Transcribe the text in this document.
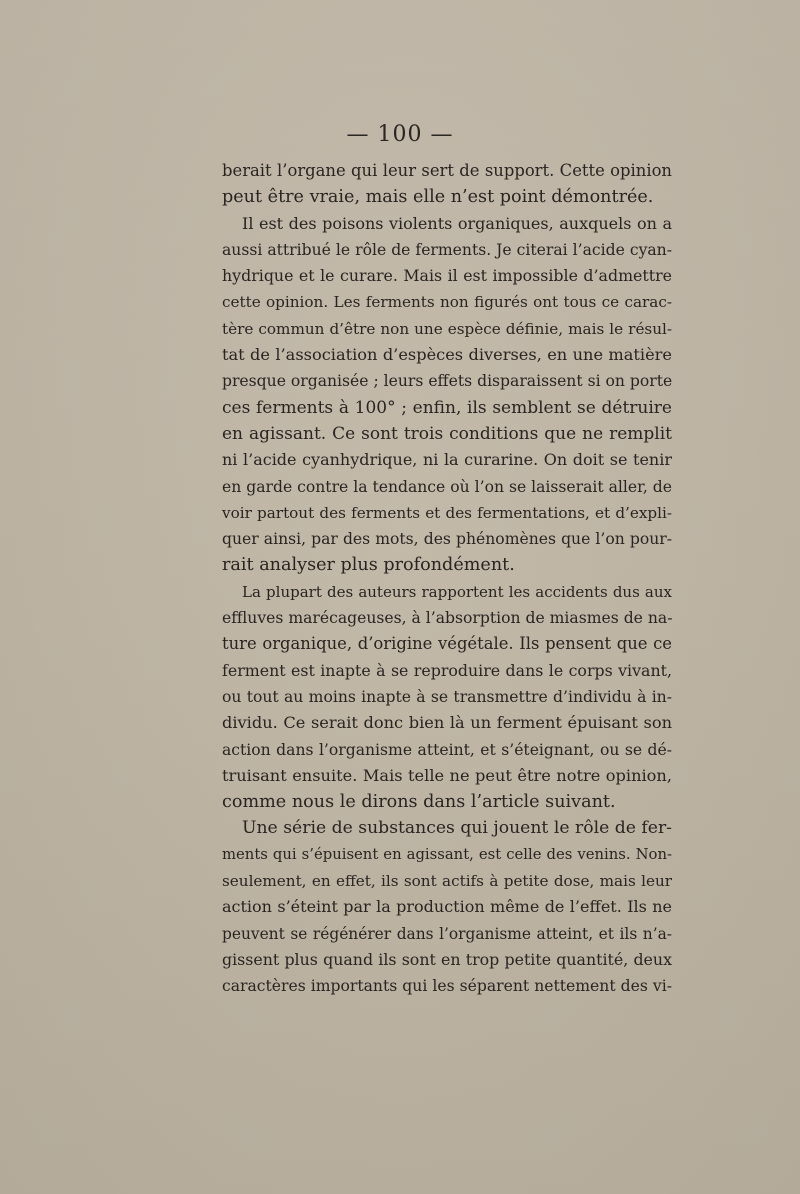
— 100 —
berait l’organe qui leur sert de support. Cette opinion
peut être vraie, mais elle n’est point démontrée.
Il est des poisons violents organiques, auxquels on a
aussi attribué le rôle de ferments. Je citerai l’acide cyan-
hydrique et le curare. Mais il est impossible d’admettre
cette opinion. Les ferments non figurés ont tous ce carac-
tère commun d’être non une espèce définie, mais le résul-
tat de l’association d’espèces diverses, en une matière
presque organisée ; leurs effets disparaissent si on porte
ces ferments à 100° ; enfin, ils semblent se détruire
en agissant. Ce sont trois conditions que ne remplit
ni l’acide cyanhydrique, ni la curarine. On doit se tenir
en garde contre la tendance où l’on se laisserait aller, de
voir partout des ferments et des fermentations, et d’expli-
quer ainsi, par des mots, des phénomènes que l’on pour-
rait analyser plus profondément.
La plupart des auteurs rapportent les accidents dus aux
effluves marécageuses, à l’absorption de miasmes de na-
ture organique, d’origine végétale. Ils pensent que ce
ferment est inapte à se reproduire dans le corps vivant,
ou tout au moins inapte à se transmettre d’individu à in-
dividu. Ce serait donc bien là un ferment épuisant son
action dans l’organisme atteint, et s’éteignant, ou se dé-
truisant ensuite. Mais telle ne peut être notre opinion,
comme nous le dirons dans l’article suivant.
Une série de substances qui jouent le rôle de fer-
ments qui s’épuisent en agissant, est celle des venins. Non-
seulement, en effet, ils sont actifs à petite dose, mais leur
action s’éteint par la production même de l’effet. Ils ne
peuvent se régénérer dans l’organisme atteint, et ils n’a-
gissent plus quand ils sont en trop petite quantité, deux
caractères importants qui les séparent nettement des vi-
